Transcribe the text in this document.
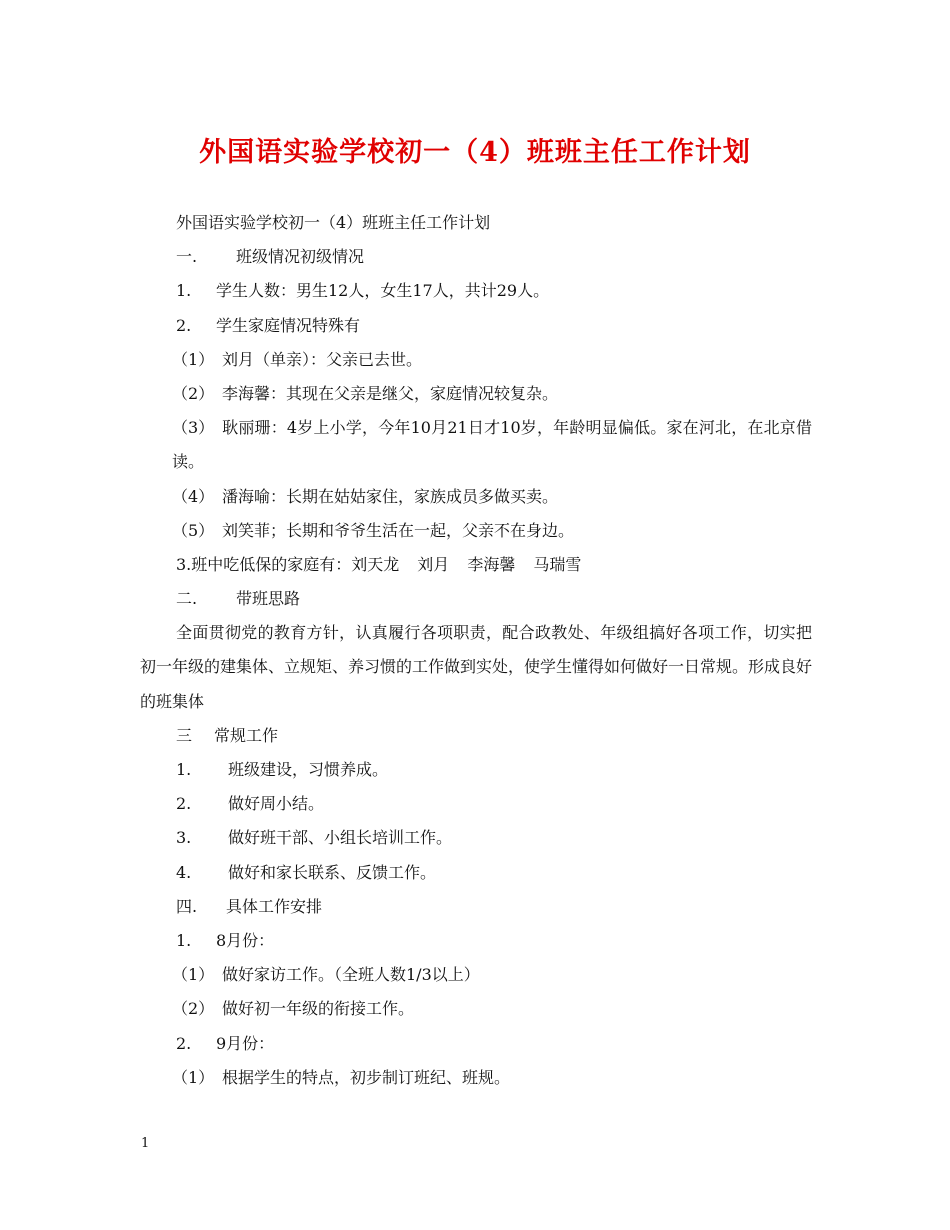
外国语实验学校初一（4）班班主任工作计划
外国语实验学校初一（4）班班主任工作计划
一. 班级情况初级情况
1. 学生人数：男生12人，女生17人，共计29人。
2. 学生家庭情况特殊有
（1） 刘月（单亲）：父亲已去世。
（2） 李海馨：其现在父亲是继父，家庭情况较复杂。
（3） 耿丽珊：4岁上小学，今年10月21日才10岁，年龄明显偏低。家在河北，在北京借读。
（4） 潘海喻：长期在姑姑家住，家族成员多做买卖。
（5） 刘笑菲；长期和爷爷生活在一起，父亲不在身边。
3.班中吃低保的家庭有：刘天龙 刘月 李海馨 马瑞雪
二. 带班思路
全面贯彻党的教育方针，认真履行各项职责，配合政教处、年级组搞好各项工作，切实把初一年级的建集体、立规矩、养习惯的工作做到实处，使学生懂得如何做好一日常规。形成良好的班集体
三 常规工作
1. 班级建设，习惯养成。
2. 做好周小结。
3. 做好班干部、小组长培训工作。
4. 做好和家长联系、反馈工作。
四. 具体工作安排
1. 8月份：
（1） 做好家访工作。（全班人数1/3以上）
（2） 做好初一年级的衔接工作。
2. 9月份：
（1） 根据学生的特点，初步制订班纪、班规。
1
